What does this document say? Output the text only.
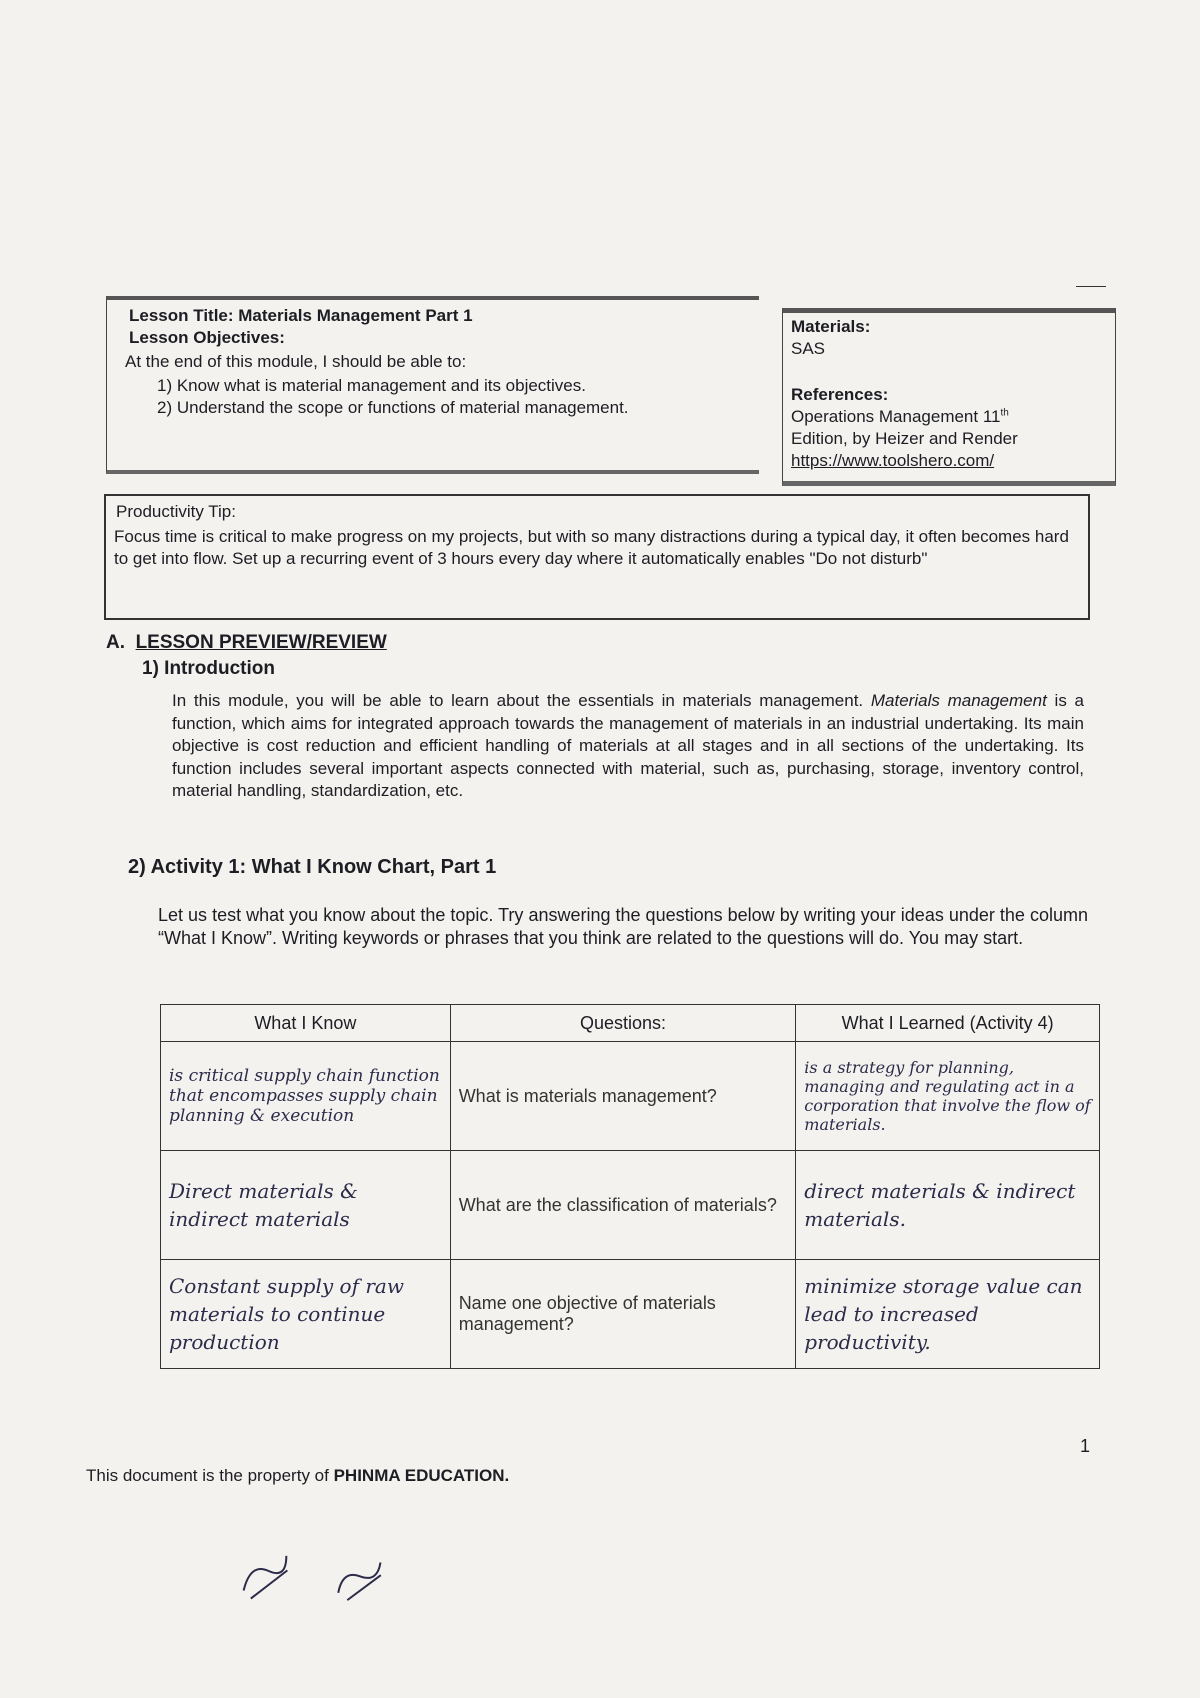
Lesson Title: Materials Management Part 1
Lesson Objectives:
At the end of this module, I should be able to:
1) Know what is material management and its objectives.
2) Understand the scope or functions of material management.
Materials:
SAS
References:
Operations Management 11th
Edition, by Heizer and Render
https://www.toolshero.com/
Productivity Tip:
Focus time is critical to make progress on my projects, but with so many distractions during a typical day, it often becomes hard to get into flow. Set up a recurring event of 3 hours every day where it automatically enables "Do not disturb"
A. LESSON PREVIEW/REVIEW
1) Introduction
In this module, you will be able to learn about the essentials in materials management. Materials management is a function, which aims for integrated approach towards the management of materials in an industrial undertaking. Its main objective is cost reduction and efficient handling of materials at all stages and in all sections of the undertaking. Its function includes several important aspects connected with material, such as, purchasing, storage, inventory control, material handling, standardization, etc.
2) Activity 1: What I Know Chart, Part 1
Let us test what you know about the topic. Try answering the questions below by writing your ideas under the column “What I Know”. Writing keywords or phrases that you think are related to the questions will do. You may start.
What I Know	Questions:	What I Learned (Activity 4)
is critical supply chain function that encompasses supply chain planning & execution	What is materials management?	is a strategy for planning, managing and regulating act in a corporation that involve the flow of materials.
Direct materials & indirect materials	What are the classification of materials?	direct materials & indirect materials.
Constant supply of raw materials to continue production	Name one objective of materials management?	minimize storage value can lead to increased productivity.
1
This document is the property of PHINMA EDUCATION.
